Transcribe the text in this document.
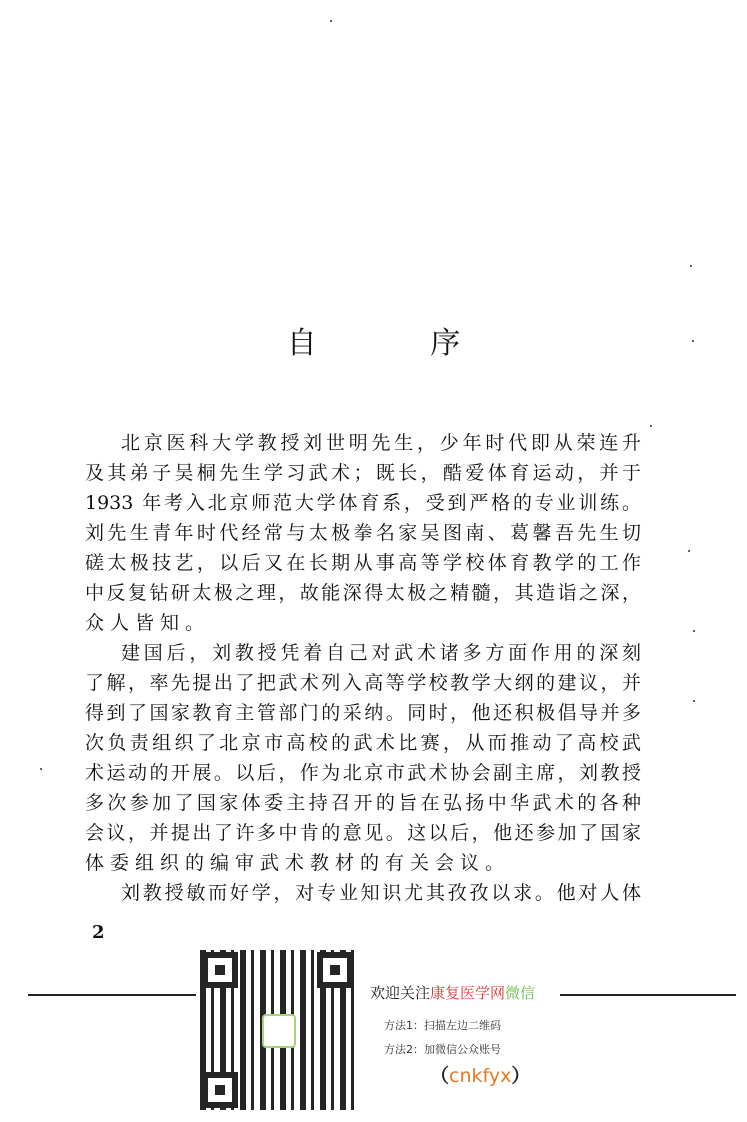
自 序
北京医科大学教授刘世明先生，少年时代即从荣连升
及其弟子吴桐先生学习武术；既长，酷爱体育运动，并于
1933 年考入北京师范大学体育系，受到严格的专业训练。
刘先生青年时代经常与太极拳名家吴图南、葛馨吾先生切
磋太极技艺，以后又在长期从事高等学校体育教学的工作
中反复钻研太极之理，故能深得太极之精髓，其造诣之深，
众人皆知。
建国后，刘教授凭着自己对武术诸多方面作用的深刻
了解，率先提出了把武术列入高等学校教学大纲的建议，并
得到了国家教育主管部门的采纳。同时，他还积极倡导并多
次负责组织了北京市高校的武术比赛，从而推动了高校武
术运动的开展。以后，作为北京市武术协会副主席，刘教授
多次参加了国家体委主持召开的旨在弘扬中华武术的各种
会议，并提出了许多中肯的意见。这以后，他还参加了国家
体委组织的编审武术教材的有关会议。
刘教授敏而好学，对专业知识尤其孜孜以求。他对人体
2
欢迎关注康复医学网微信
方法1：扫描左边二维码
方法2：加微信公众账号
（cnkfyx）
